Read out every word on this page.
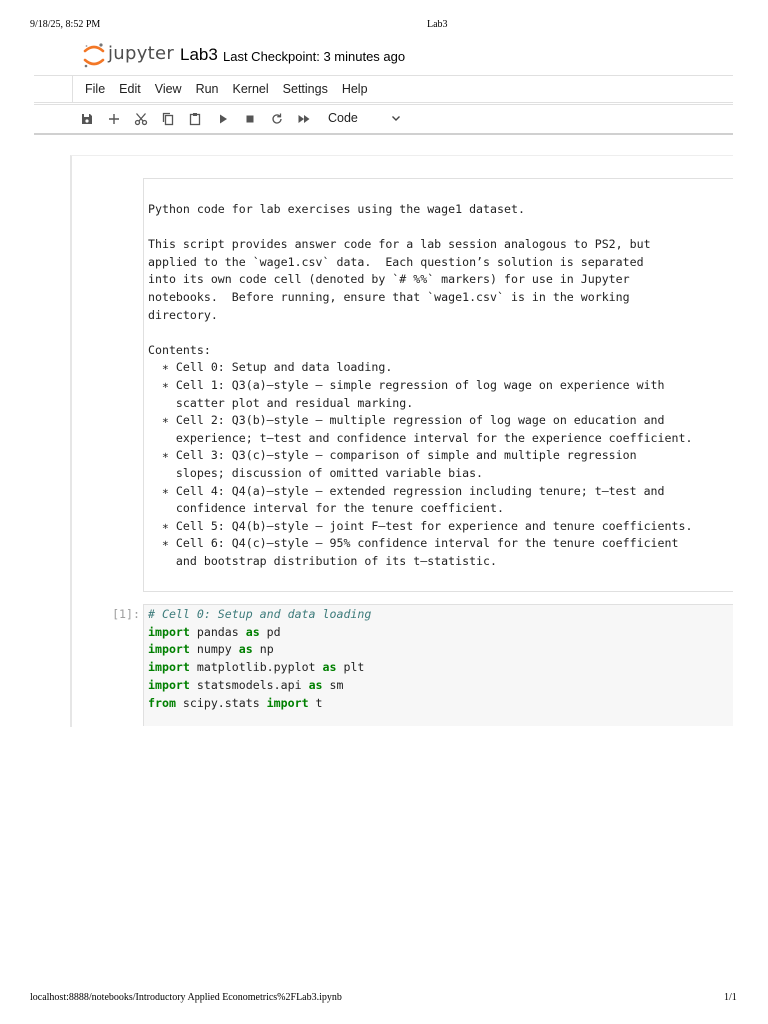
9/18/25, 8:52 PM	Lab3
jupyter Lab3 Last Checkpoint: 3 minutes ago
File Edit View Run Kernel Settings Help
Code
Python code for lab exercises using the wage1 dataset.
This script provides answer code for a lab session analogous to PS2, but
applied to the `wage1.csv` data.  Each question’s solution is separated
into its own code cell (denoted by `# %%` markers) for use in Jupyter
notebooks.  Before running, ensure that `wage1.csv` is in the working
directory.
Contents:
∗ Cell 0: Setup and data loading.
∗ Cell 1: Q3(a)–style – simple regression of log wage on experience with
scatter plot and residual marking.
∗ Cell 2: Q3(b)–style – multiple regression of log wage on education and
experience; t–test and confidence interval for the experience coefficient.
∗ Cell 3: Q3(c)–style – comparison of simple and multiple regression
slopes; discussion of omitted variable bias.
∗ Cell 4: Q4(a)–style – extended regression including tenure; t–test and
confidence interval for the tenure coefficient.
∗ Cell 5: Q4(b)–style – joint F–test for experience and tenure coefficients.
∗ Cell 6: Q4(c)–style – 95% confidence interval for the tenure coefficient
and bootstrap distribution of its t–statistic.
[1]: # Cell 0: Setup and data loading
import pandas as pd
import numpy as np
import matplotlib.pyplot as plt
import statsmodels.api as sm
from scipy.stats import t
localhost:8888/notebooks/Introductory Applied Econometrics%2FLab3.ipynb	1/1
